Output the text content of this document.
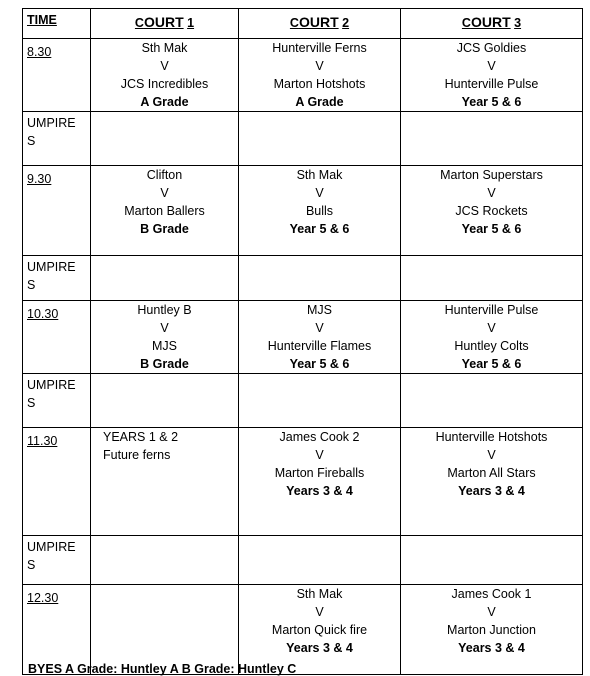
TIME	COURT 1	COURT 2	COURT 3
8.30	Sth Mak
V
JCS Incredibles
A Grade	Hunterville Ferns
V
Marton Hotshots
A Grade	JCS Goldies
V
Hunterville Pulse
Year 5 & 6

UMPIRE
S			

9.30	Clifton
V
Marton Ballers
B Grade	Sth Mak
V
Bulls
Year 5 & 6	Marton Superstars
V
JCS Rockets
Year 5 & 6

UMPIRE
S			

10.30	Huntley B
V
MJS
B Grade	MJS
V
Hunterville Flames
Year 5 & 6	Hunterville Pulse
V
Huntley Colts
Year 5 & 6

UMPIRE
S			

11.30	YEARS 1 & 2
Future ferns	James Cook 2
V
Marton Fireballs
Years 3 & 4	Hunterville Hotshots
V
Marton All Stars
Years 3 & 4

UMPIRE
S			

12.30		Sth Mak
V
Marton Quick fire
Years 3 & 4	James Cook 1
V
Marton Junction
Years 3 & 4
BYES A Grade: Huntley A B Grade: Huntley C
